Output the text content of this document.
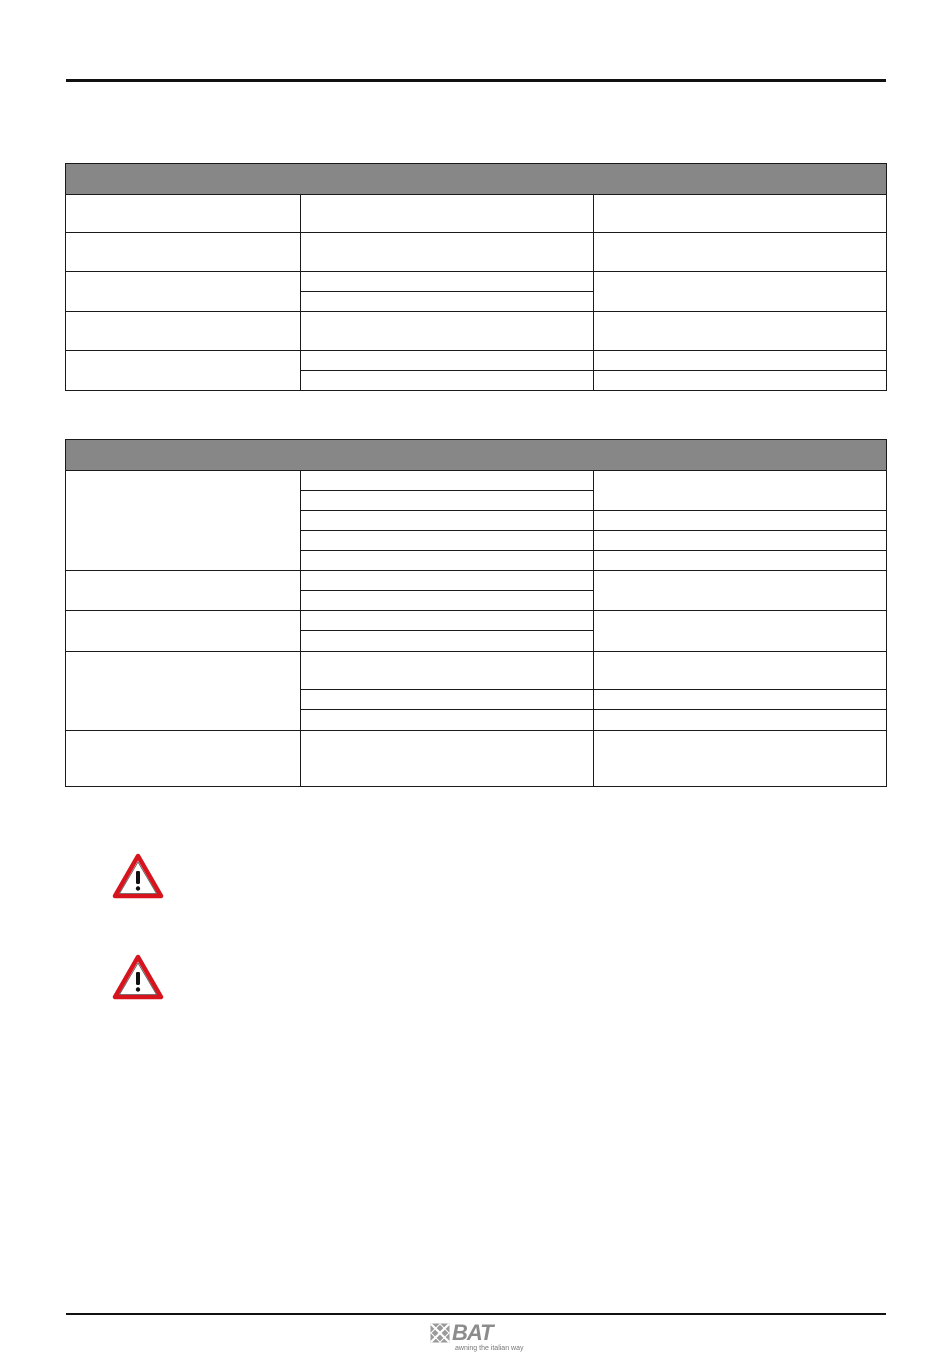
BAT
awning the italian way
